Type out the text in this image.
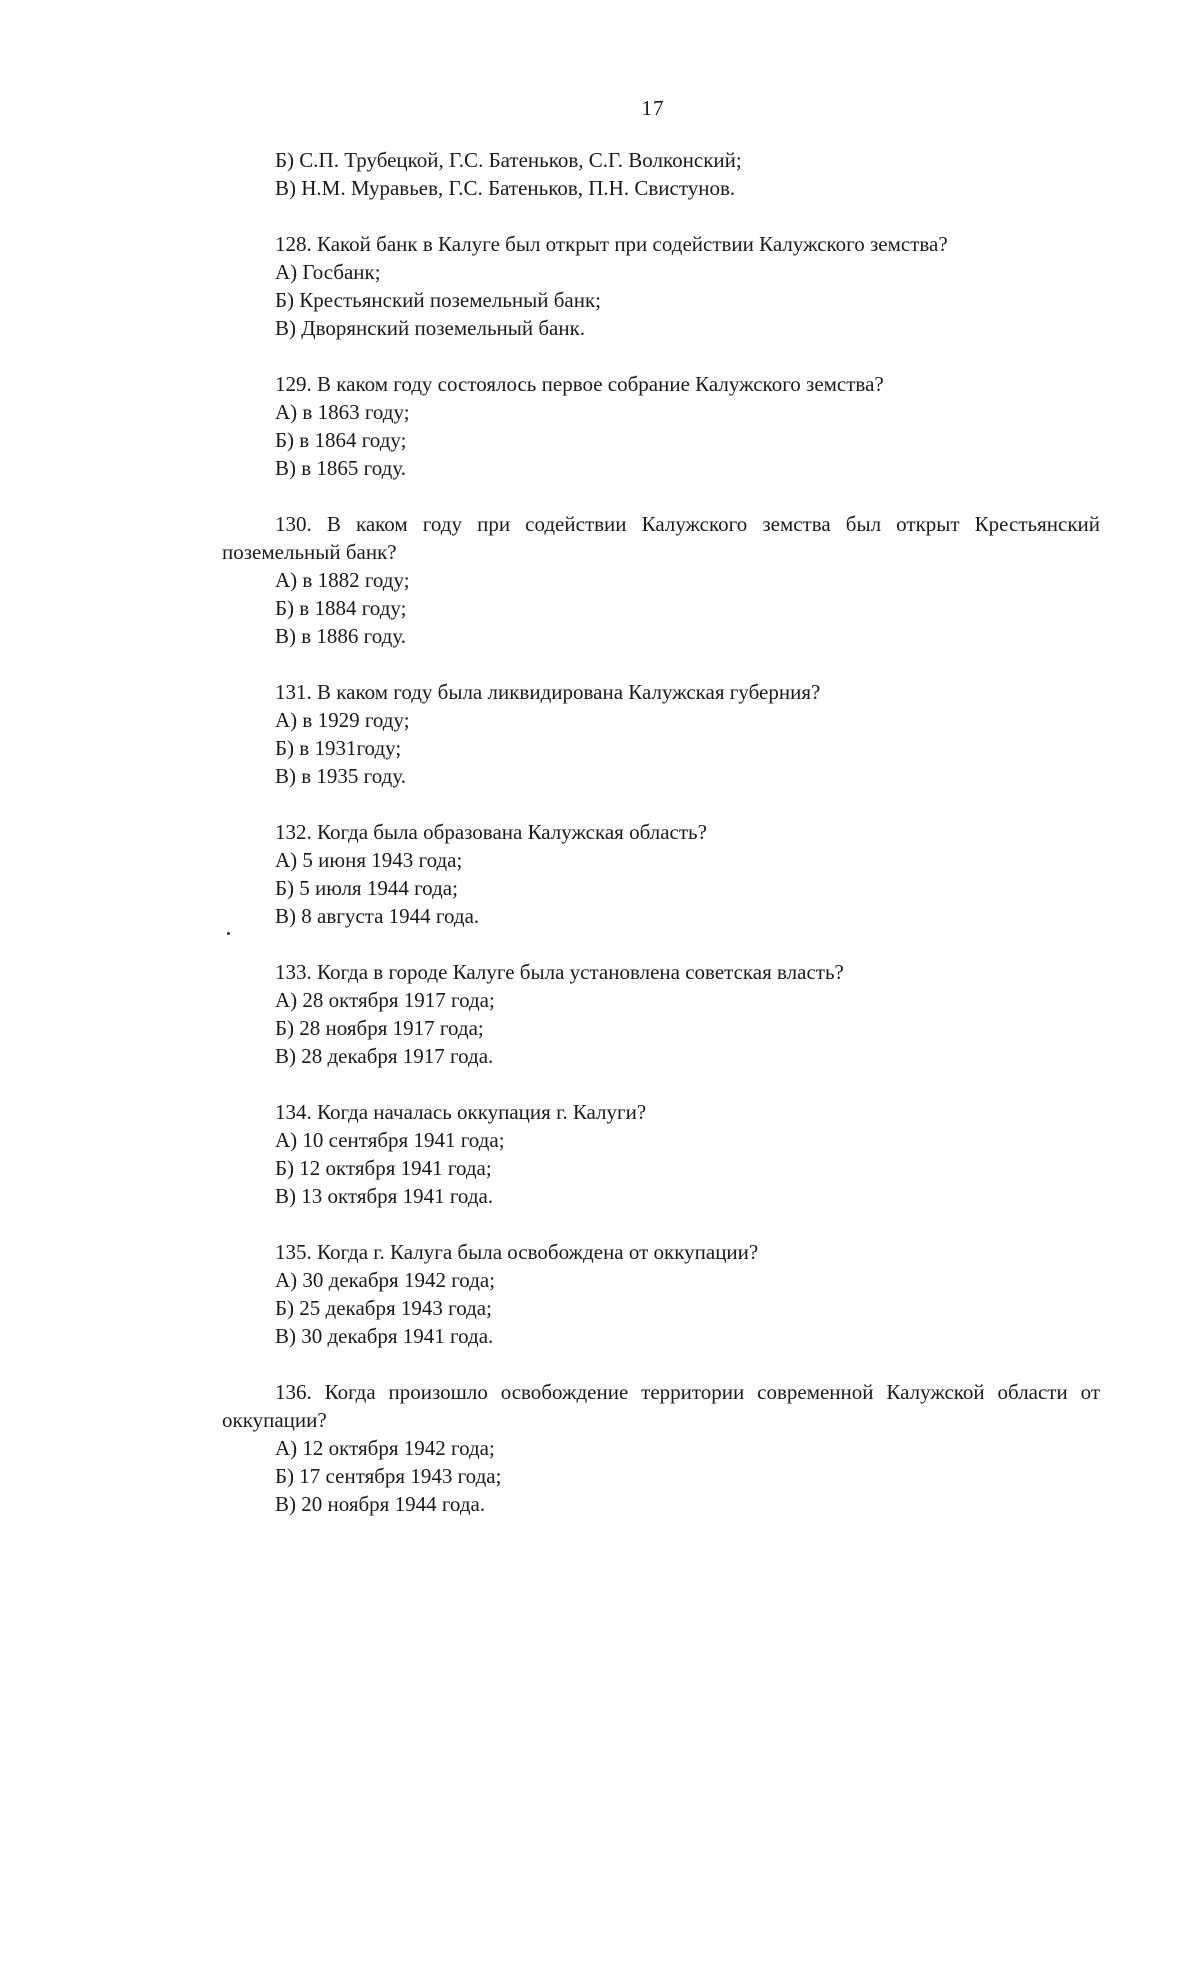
17
Б) С.П. Трубецкой, Г.С. Батеньков, С.Г. Волконский;
В) Н.М. Муравьев, Г.С. Батеньков, П.Н. Свистунов.
128. Какой банк в Калуге был открыт при содействии Калужского земства?
А) Госбанк;
Б) Крестьянский поземельный банк;
В) Дворянский поземельный банк.
129. В каком году состоялось первое собрание Калужского земства?
А) в 1863 году;
Б) в 1864 году;
В) в 1865 году.
130. В каком году при содействии Калужского земства был открыт Крестьянский поземельный банк?
А) в 1882 году;
Б) в 1884 году;
В) в 1886 году.
131. В каком году была ликвидирована Калужская губерния?
А) в 1929 году;
Б) в 1931году;
В) в 1935 году.
132. Когда была образована Калужская область?
А) 5 июня 1943 года;
Б) 5 июля 1944 года;
В) 8 августа 1944 года.
133. Когда в городе Калуге была установлена советская власть?
А) 28 октября 1917 года;
Б) 28 ноября 1917 года;
В) 28 декабря 1917 года.
134. Когда началась оккупация г. Калуги?
А) 10 сентября 1941 года;
Б) 12 октября 1941 года;
В) 13 октября 1941 года.
135. Когда г. Калуга была освобождена от оккупации?
А) 30 декабря 1942 года;
Б) 25 декабря 1943 года;
В) 30 декабря 1941 года.
136. Когда произошло освобождение территории современной Калужской области от оккупации?
А) 12 октября 1942 года;
Б) 17 сентября 1943 года;
В) 20 ноября 1944 года.
